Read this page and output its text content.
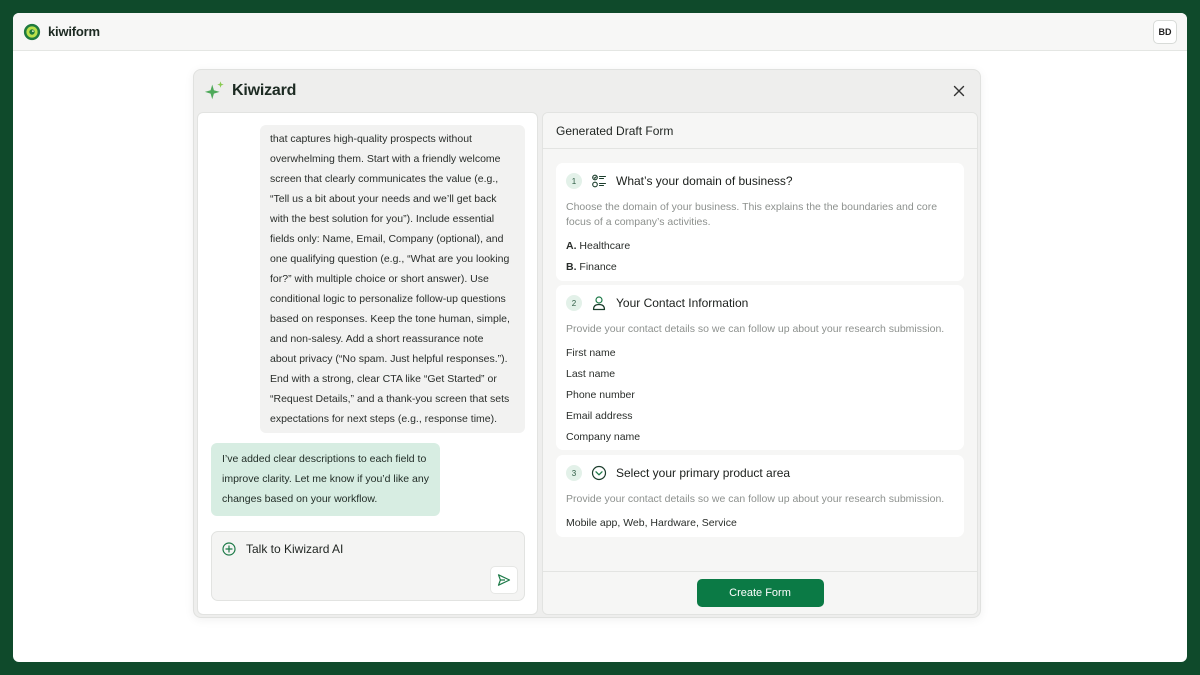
kiwiform	BD
Kiwizard
that captures high-quality prospects without
overwhelming them. Start with a friendly welcome
screen that clearly communicates the value (e.g.,
“Tell us a bit about your needs and we’ll get back
with the best solution for you”). Include essential
fields only: Name, Email, Company (optional), and
one qualifying question (e.g., “What are you looking
for?” with multiple choice or short answer). Use
conditional logic to personalize follow-up questions
based on responses. Keep the tone human, simple,
and non-salesy. Add a short reassurance note
about privacy (“No spam. Just helpful responses.”).
End with a strong, clear CTA like “Get Started” or
“Request Details,” and a thank-you screen that sets
expectations for next steps (e.g., response time).
I’ve added clear descriptions to each field to
improve clarity. Let me know if you’d like any
changes based on your workflow.
Talk to Kiwizard AI
Generated Draft Form
1	What’s your domain of business?
Choose the domain of your business. This explains the the boundaries and core focus of a company’s activities.
A. Healthcare
B. Finance
2	Your Contact Information
Provide your contact details so we can follow up about your research submission.
First name
Last name
Phone number
Email address
Company name
3	Select your primary product area
Provide your contact details so we can follow up about your research submission.
Mobile app, Web, Hardware, Service
Create Form
